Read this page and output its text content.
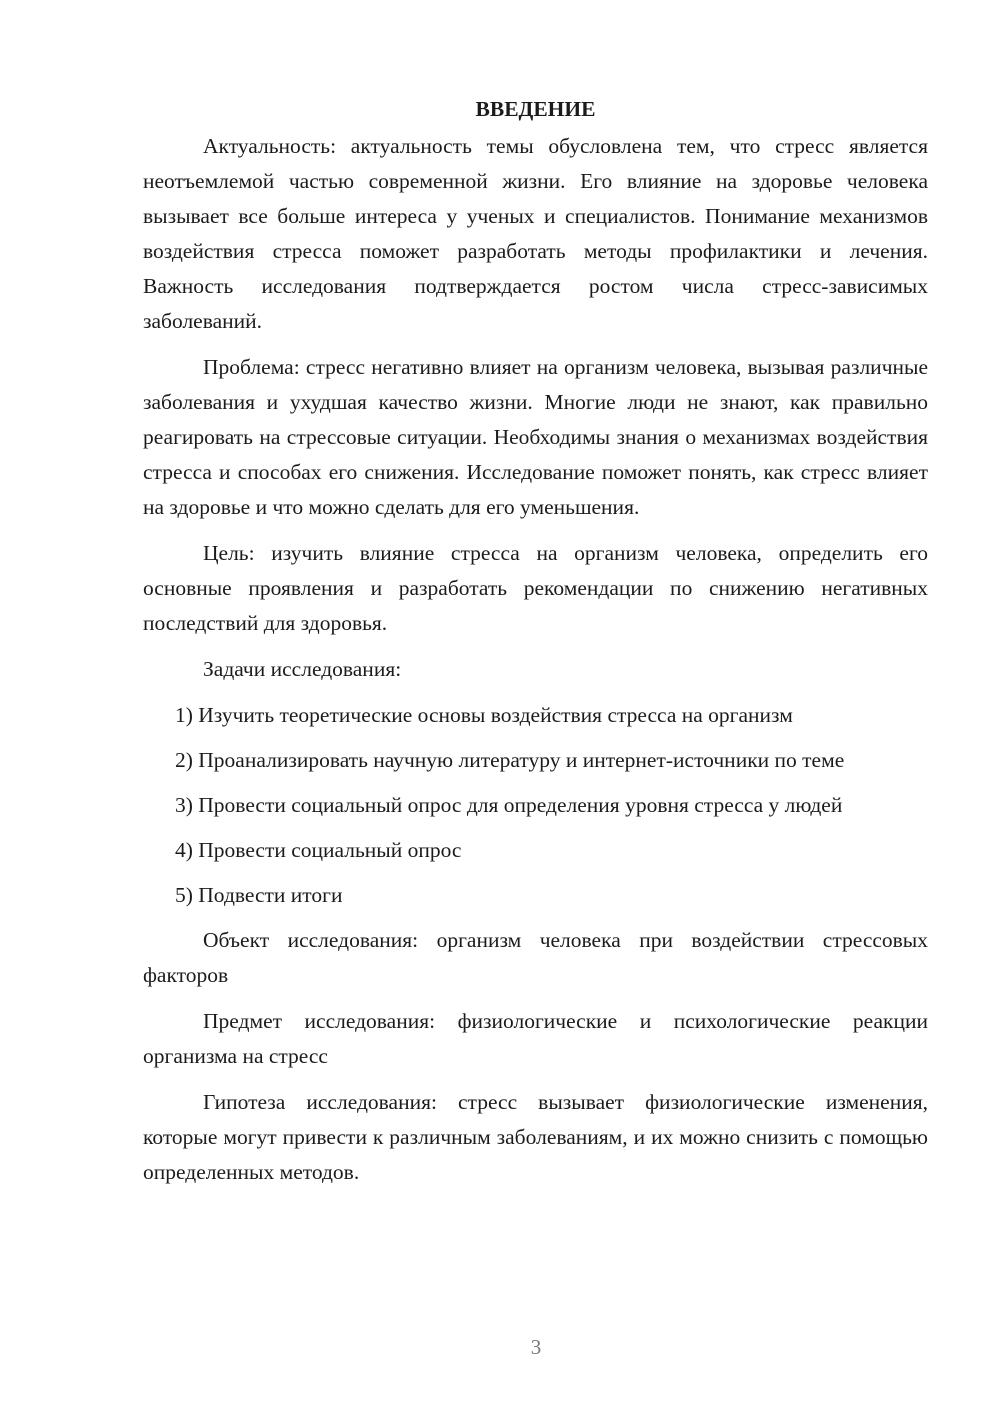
ВВЕДЕНИЕ

Актуальность: актуальность темы обусловлена тем, что стресс является неотъемлемой частью современной жизни. Его влияние на здоровье человека вызывает все больше интереса у ученых и специалистов. Понимание механизмов воздействия стресса поможет разработать методы профилактики и лечения. Важность исследования подтверждается ростом числа стресс-зависимых заболеваний.

Проблема: стресс негативно влияет на организм человека, вызывая различные заболевания и ухудшая качество жизни. Многие люди не знают, как правильно реагировать на стрессовые ситуации. Необходимы знания о механизмах воздействия стресса и способах его снижения. Исследование поможет понять, как стресс влияет на здоровье и что можно сделать для его уменьшения.

Цель: изучить влияние стресса на организм человека, определить его основные проявления и разработать рекомендации по снижению негативных последствий для здоровья.

Задачи исследования:

1) Изучить теоретические основы воздействия стресса на организм

2) Проанализировать научную литературу и интернет-источники по теме

3) Провести социальный опрос для определения уровня стресса у людей

4) Провести социальный опрос

5) Подвести итоги

Объект исследования: организм человека при воздействии стрессовых факторов

Предмет исследования: физиологические и психологические реакции организма на стресс

Гипотеза исследования: стресс вызывает физиологические изменения, которые могут привести к различным заболеваниям, и их можно снизить с помощью определенных методов.

3
